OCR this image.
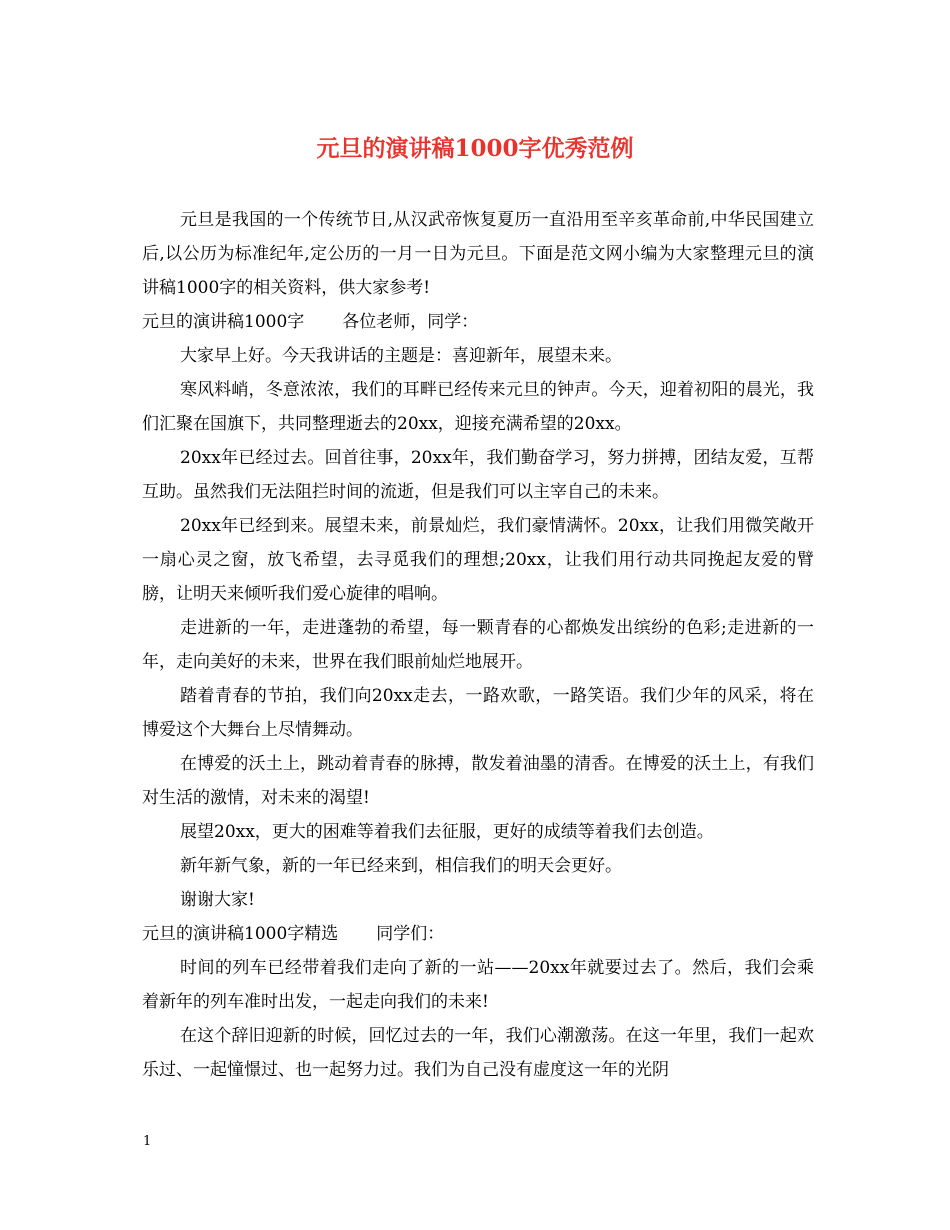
元旦的演讲稿1000字优秀范例

元旦是我国的一个传统节日,从汉武帝恢复夏历一直沿用至辛亥革命前,中华民国建立后,以公历为标准纪年,定公历的一月一日为元旦。下面是范文网小编为大家整理元旦的演讲稿1000字的相关资料，供大家参考!

元旦的演讲稿1000字 各位老师，同学：

大家早上好。今天我讲话的主题是：喜迎新年，展望未来。

寒风料峭，冬意浓浓，我们的耳畔已经传来元旦的钟声。今天，迎着初阳的晨光，我们汇聚在国旗下，共同整理逝去的20xx，迎接充满希望的20xx。

20xx年已经过去。回首往事，20xx年，我们勤奋学习，努力拼搏，团结友爱，互帮互助。虽然我们无法阻拦时间的流逝，但是我们可以主宰自己的未来。

20xx年已经到来。展望未来，前景灿烂，我们豪情满怀。20xx，让我们用微笑敞开一扇心灵之窗，放飞希望，去寻觅我们的理想;20xx，让我们用行动共同挽起友爱的臂膀，让明天来倾听我们爱心旋律的唱响。

走进新的一年，走进蓬勃的希望，每一颗青春的心都焕发出缤纷的色彩;走进新的一年，走向美好的未来，世界在我们眼前灿烂地展开。

踏着青春的节拍，我们向20xx走去，一路欢歌，一路笑语。我们少年的风采，将在博爱这个大舞台上尽情舞动。

在博爱的沃土上，跳动着青春的脉搏，散发着油墨的清香。在博爱的沃土上，有我们对生活的激情，对未来的渴望!

展望20xx，更大的困难等着我们去征服，更好的成绩等着我们去创造。

新年新气象，新的一年已经来到，相信我们的明天会更好。

谢谢大家!

元旦的演讲稿1000字精选 同学们：

时间的列车已经带着我们走向了新的一站——20xx年就要过去了。然后，我们会乘着新年的列车准时出发，一起走向我们的未来!

在这个辞旧迎新的时候，回忆过去的一年，我们心潮激荡。在这一年里，我们一起欢乐过、一起憧憬过、也一起努力过。我们为自己没有虚度这一年的光阴

1
